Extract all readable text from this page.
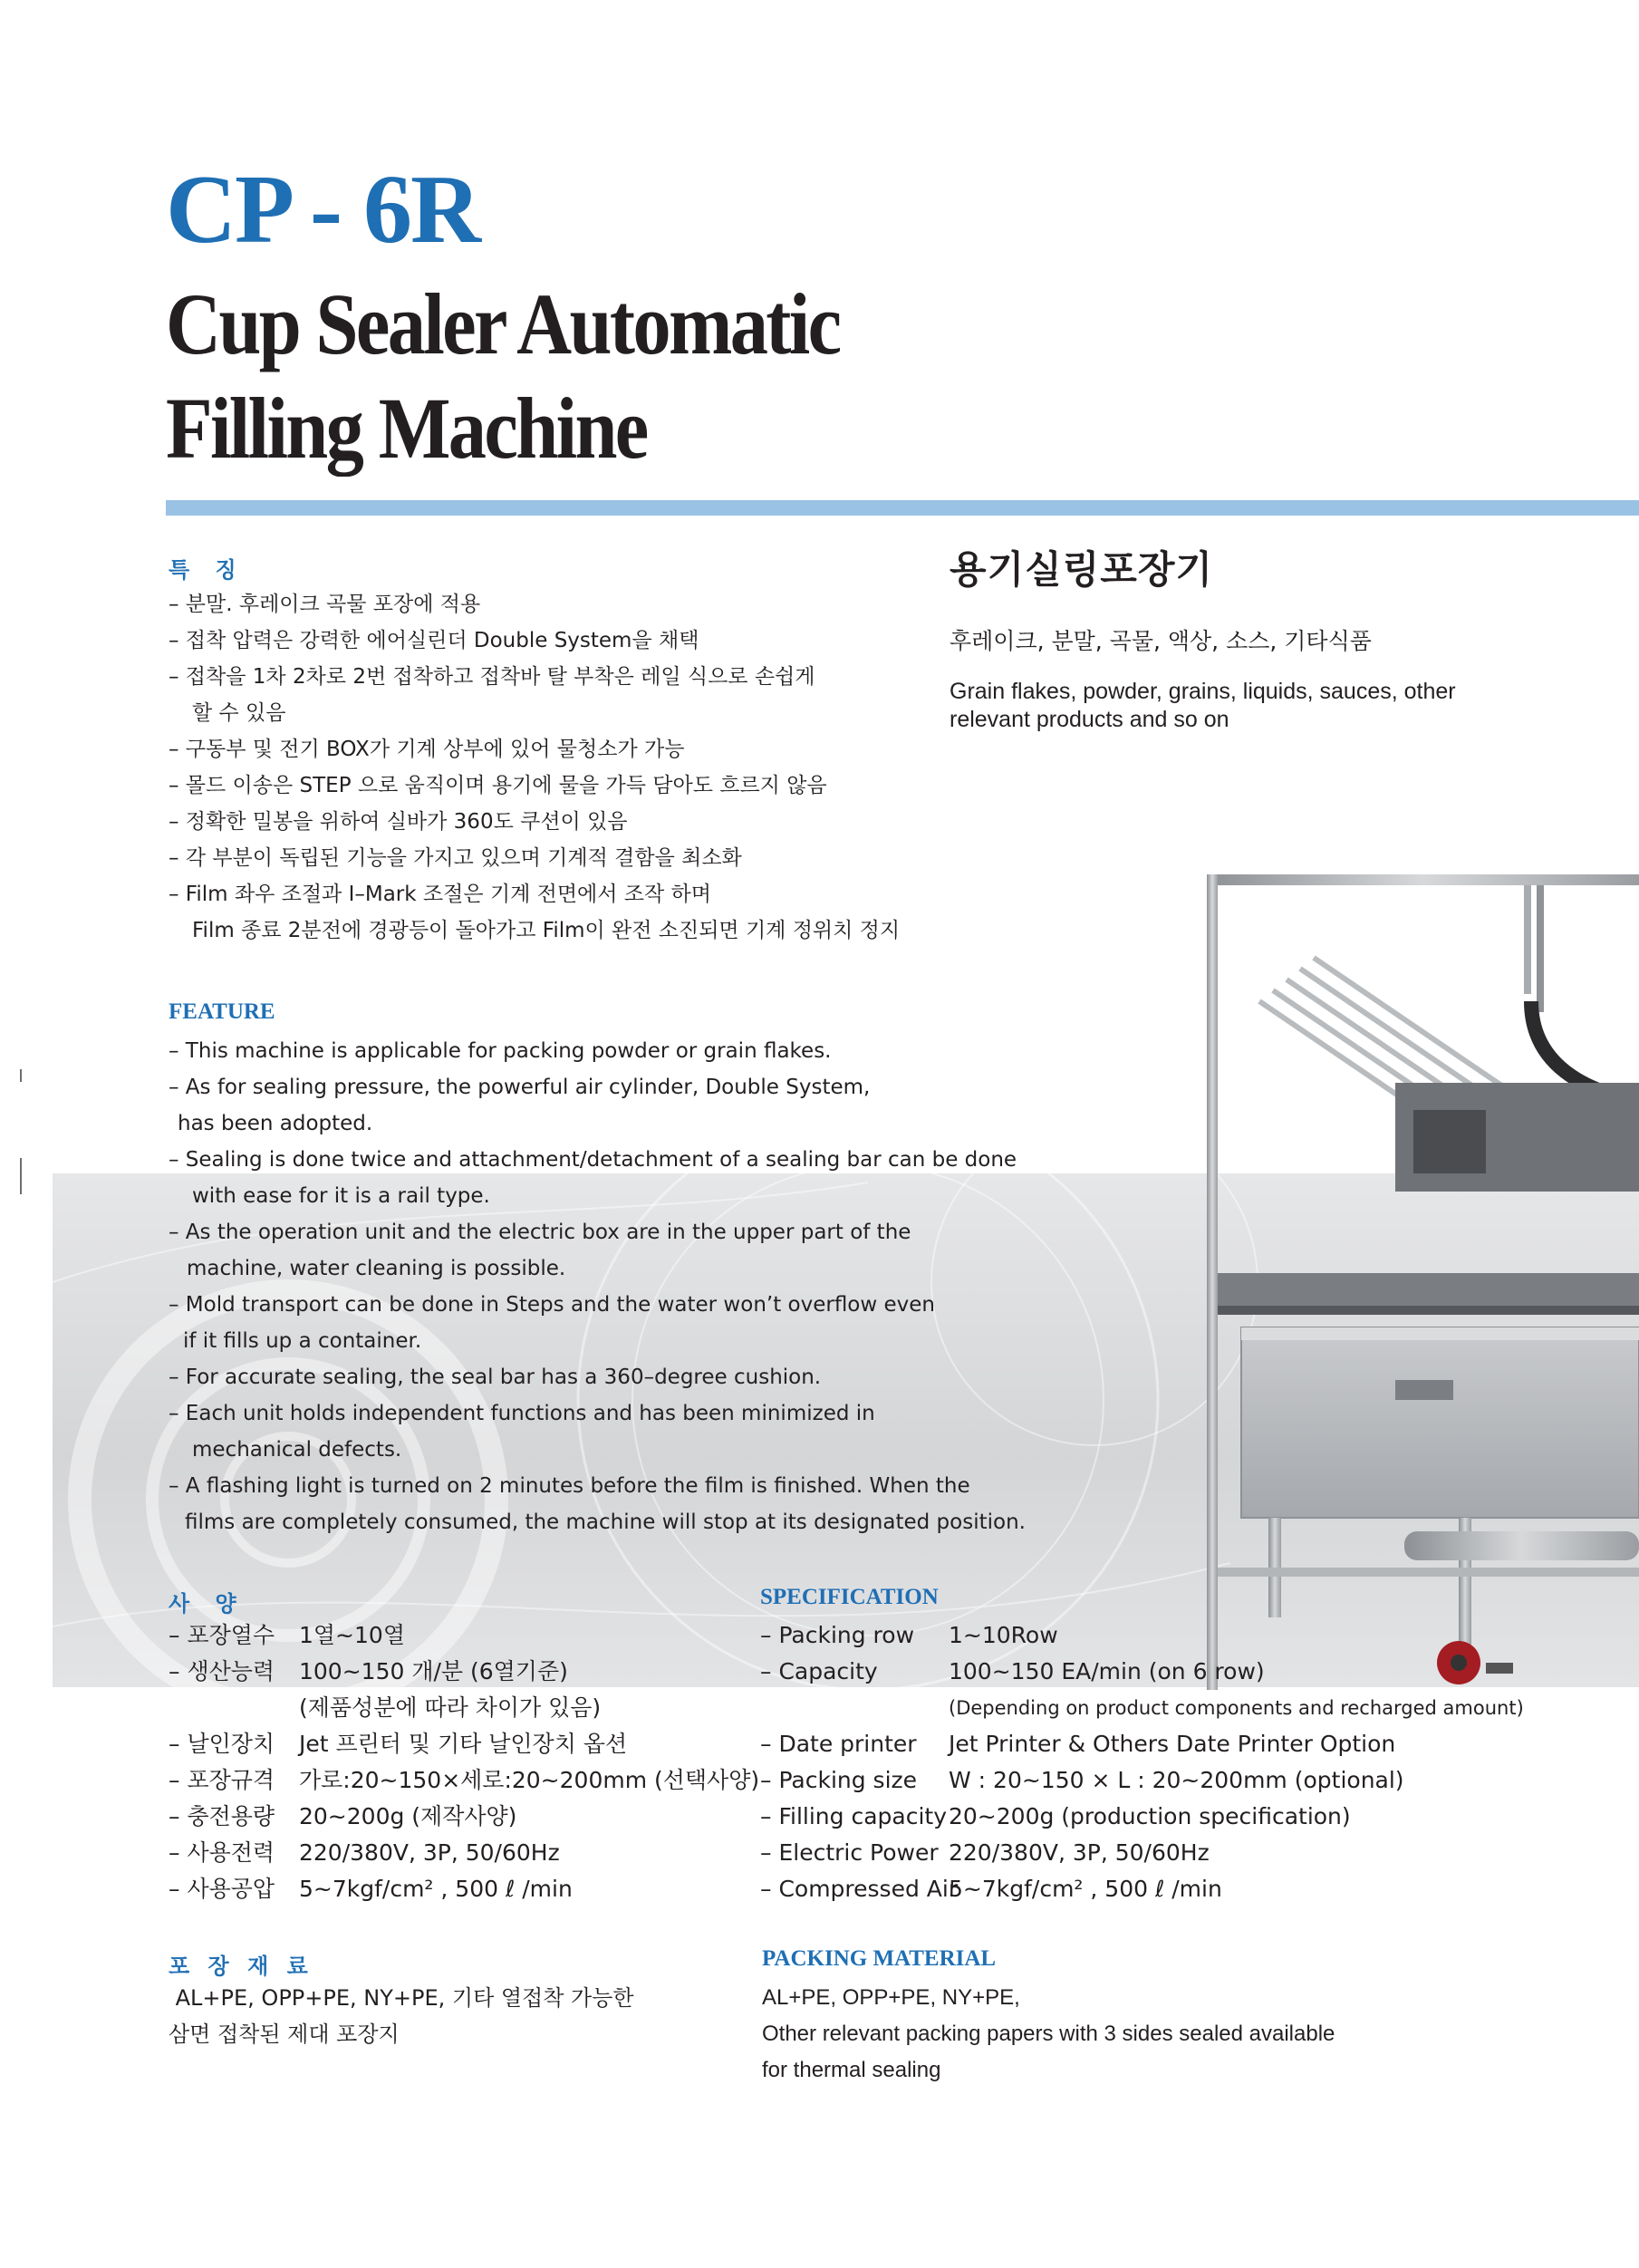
CP - 6R
Cup Sealer Automatic
Filling Machine
용기실링포장기
후레이크, 분말, 곡물, 액상, 소스, 기타식품
Grain flakes, powder, grains, liquids, sauces, other relevant products and so on
특 징
– 분말. 후레이크 곡물 포장에 적용
– 접착 압력은 강력한 에어실린더 Double System을 채택
– 접착을 1차 2차로 2번 접착하고 접착바 탈 부착은 레일 식으로 손쉽게
할 수 있음
– 구동부 및 전기 BOX가 기계 상부에 있어 물청소가 가능
– 몰드 이송은 STEP 으로 움직이며 용기에 물을 가득 담아도 흐르지 않음
– 정확한 밀봉을 위하여 실바가 360도 쿠션이 있음
– 각 부분이 독립된 기능을 가지고 있으며 기계적 결함을 최소화
– Film 좌우 조절과 I–Mark 조절은 기계 전면에서 조작 하며
Film 종료 2분전에 경광등이 돌아가고 Film이 완전 소진되면 기계 정위치 정지
FEATURE
– This machine is applicable for packing powder or grain flakes.
– As for sealing pressure, the powerful air cylinder, Double System,
has been adopted.
– Sealing is done twice and attachment/detachment of a sealing bar can be done
with ease for it is a rail type.
– As the operation unit and the electric box are in the upper part of the
machine, water cleaning is possible.
– Mold transport can be done in Steps and the water won’t overflow even
if it fills up a container.
– For accurate sealing, the seal bar has a 360–degree cushion.
– Each unit holds independent functions and has been minimized in
mechanical defects.
– A flashing light is turned on 2 minutes before the film is finished. When the
films are completely consumed, the machine will stop at its designated position.
사 양
– 포장열수	1열~10열
– 생산능력	100~150 개/분 (6열기준)
(제품성분에 따라 차이가 있음)
– 날인장치	Jet 프린터 및 기타 날인장치 옵션
– 포장규격	가로:20~150×세로:20~200mm (선택사양)
– 충전용량	20~200g (제작사양)
– 사용전력	220/380V, 3P, 50/60Hz
– 사용공압	5~7kgf/cm² , 500 ℓ /min
SPECIFICATION
– Packing row	1~10Row
– Capacity	100~150 EA/min (on 6 row)
(Depending on product components and recharged amount)
– Date printer	Jet Printer & Others Date Printer Option
– Packing size	W : 20~150 × L : 20~200mm (optional)
– Filling capacity 20~200g (production specification)
– Electric Power 220/380V, 3P, 50/60Hz
– Compressed Air
5~7kgf/cm² , 500 ℓ /min
포 장 재 료
AL+PE, OPP+PE, NY+PE, 기타 열접착 가능한
삼면 접착된 제대 포장지
PACKING MATERIAL
AL+PE, OPP+PE, NY+PE,
Other relevant packing papers with 3 sides sealed available
for thermal sealing
